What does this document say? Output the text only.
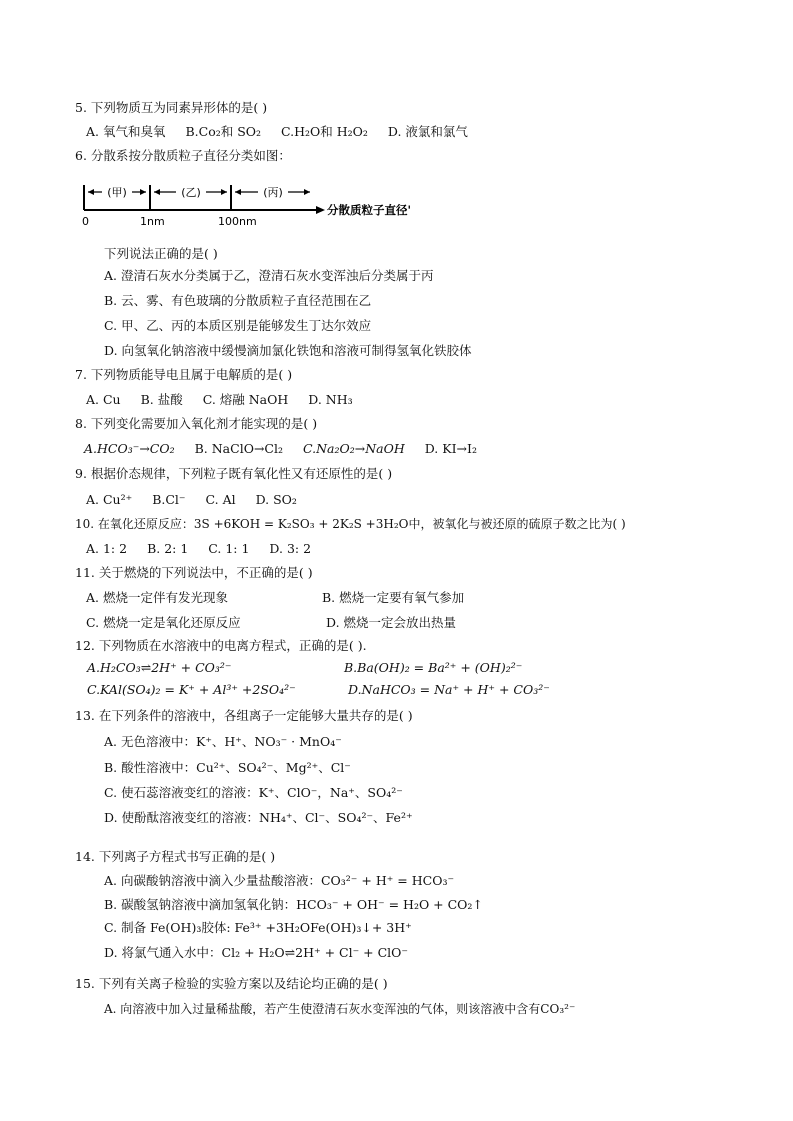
5. 下列物质互为同素异形体的是( )
A. 氧气和臭氧 B.Co₂和 SO₂ C.H₂O和 H₂O₂ D. 液氯和氯气
6. 分散系按分散质粒子直径分类如图：
(甲)	(乙)	(丙)
0	1nm	100nm
分散质粒子直径'
下列说法正确的是( )
A. 澄清石灰水分类属于乙，澄清石灰水变浑浊后分类属于丙
B. 云、雾、有色玻璃的分散质粒子直径范围在乙
C. 甲、乙、丙的本质区别是能够发生丁达尔效应
D. 向氢氧化钠溶液中缓慢滴加氯化铁饱和溶液可制得氢氧化铁胶体
7. 下列物质能导电且属于电解质的是( )
A. Cu B. 盐酸 C. 熔融 NaOH D. NH₃
8. 下列变化需要加入氧化剂才能实现的是( )
A.HCO₃⁻→CO₂ B. NaClO→Cl₂ C.Na₂O₂→NaOH D. KI→I₂
9. 根据价态规律，下列粒子既有氧化性又有还原性的是( )
A. Cu²⁺ B.Cl⁻ C. Al D. SO₂
10. 在氧化还原反应：3S +6KOH = K₂SO₃ + 2K₂S +3H₂O中，被氧化与被还原的硫原子数之比为( )
A. 1: 2 B. 2: 1 C. 1: 1 D. 3: 2
11. 关于燃烧的下列说法中，不正确的是( )
A. 燃烧一定伴有发光现象	B. 燃烧一定要有氧气参加
C. 燃烧一定是氧化还原反应	D. 燃烧一定会放出热量
12. 下列物质在水溶液中的电离方程式，正确的是( ).
A.H₂CO₃⇌2H⁺ + CO₃²⁻	B.Ba(OH)₂ = Ba²⁺ + (OH)₂²⁻
C.KAl(SO₄)₂ = K⁺ + Al³⁺ +2SO₄²⁻	D.NaHCO₃ = Na⁺ + H⁺ + CO₃²⁻
13. 在下列条件的溶液中，各组离子一定能够大量共存的是( )
A. 无色溶液中：K⁺、H⁺、NO₃⁻ · MnO₄⁻
B. 酸性溶液中：Cu²⁺、SO₄²⁻、Mg²⁺、Cl⁻
C. 使石蕊溶液变红的溶液：K⁺、ClO⁻，Na⁺、SO₄²⁻
D. 使酚酞溶液变红的溶液：NH₄⁺、Cl⁻、SO₄²⁻、Fe²⁺
14. 下列离子方程式书写正确的是( )
A. 向碳酸钠溶液中滴入少量盐酸溶液：CO₃²⁻ + H⁺ = HCO₃⁻
B. 碳酸氢钠溶液中滴加氢氧化钠：HCO₃⁻ + OH⁻ = H₂O + CO₂↑
C. 制备 Fe(OH)₃胶体: Fe³⁺ +3H₂OFe(OH)₃↓+ 3H⁺
D. 将氯气通入水中：Cl₂ + H₂O⇌2H⁺ + Cl⁻ + ClO⁻
15. 下列有关离子检验的实验方案以及结论均正确的是( )
A. 向溶液中加入过量稀盐酸，若产生使澄清石灰水变浑浊的气体，则该溶液中含有CO₃²⁻
